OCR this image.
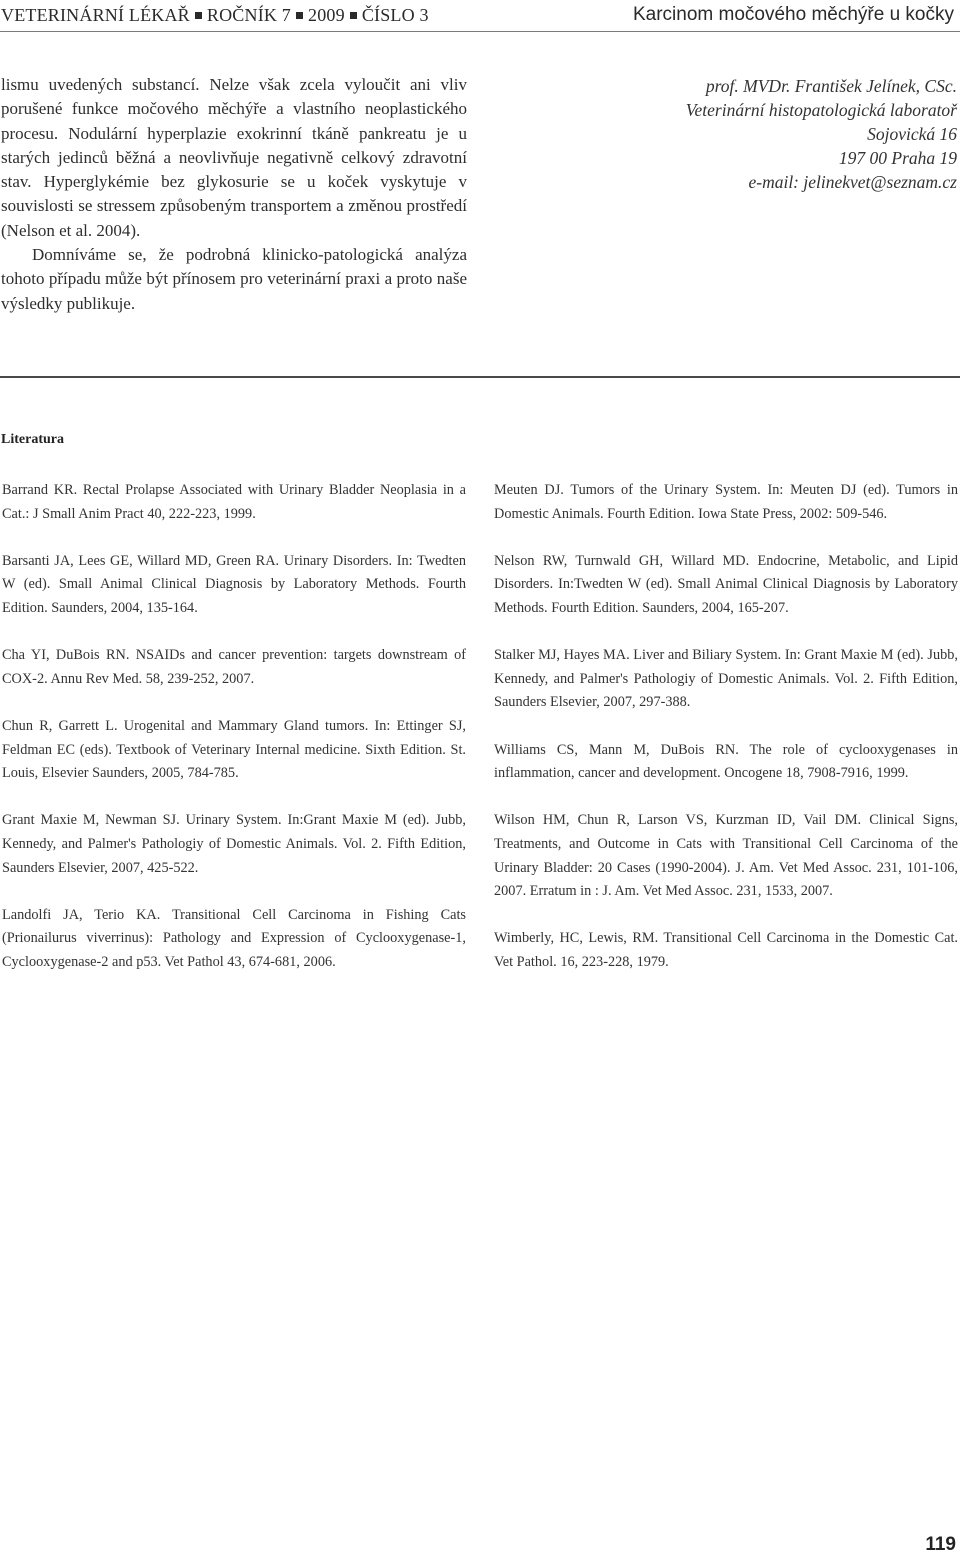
VETERINÁRNÍ LÉKAŘ ROČNÍK 7 2009 ČÍSLO 3	Karcinom močového měchýře u kočky

lismu uvedených substancí. Nelze však zcela vyloučit ani vliv porušené funkce močového měchýře a vlastního neoplastického procesu. Nodulární hyperplazie exokrinní tkáně pankreatu je u starých jedinců běžná a neovlivňuje negativně celkový zdravotní stav. Hyperglykémie bez glykosurie se u koček vyskytuje v souvislosti se stressem způsobeným transportem a změnou prostředí (Nelson et al. 2004).

Domníváme se, že podrobná klinicko-patologická analýza tohoto případu může být přínosem pro veterinární praxi a proto naše výsledky publikuje.

prof. MVDr. František Jelínek, CSc.
Veterinární histopatologická laboratoř
Sojovická 16
197 00 Praha 19
e-mail: jelinekvet@seznam.cz
Literatura

Barrand KR. Rectal Prolapse Associated with Urinary Bladder Neoplasia in a Cat.: J Small Anim Pract 40, 222-223, 1999.

Barsanti JA, Lees GE, Willard MD, Green RA. Urinary Disorders. In: Twedten W (ed). Small Animal Clinical Diagnosis by Laboratory Methods. Fourth Edition. Saunders, 2004, 135-164.

Cha YI, DuBois RN. NSAIDs and cancer prevention: targets downstream of COX-2. Annu Rev Med. 58, 239-252, 2007.

Chun R, Garrett L. Urogenital and Mammary Gland tumors. In: Ettinger SJ, Feldman EC (eds). Textbook of Veterinary Internal medicine. Sixth Edition. St. Louis, Elsevier Saunders, 2005, 784-785.

Grant Maxie M, Newman SJ. Urinary System. In:Grant Maxie M (ed). Jubb, Kennedy, and Palmer's Pathologiy of Domestic Animals. Vol. 2. Fifth Edition, Saunders Elsevier, 2007, 425-522.

Landolfi JA, Terio KA. Transitional Cell Carcinoma in Fishing Cats (Prionailurus viverrinus): Pathology and Expression of Cyclooxygenase-1, Cyclooxygenase-2 and p53. Vet Pathol 43, 674-681, 2006.

Meuten DJ. Tumors of the Urinary System. In: Meuten DJ (ed). Tumors in Domestic Animals. Fourth Edition. Iowa State Press, 2002: 509-546.

Nelson RW, Turnwald GH, Willard MD. Endocrine, Metabolic, and Lipid Disorders. In:Twedten W (ed). Small Animal Clinical Diagnosis by Laboratory Methods. Fourth Edition. Saunders, 2004, 165-207.

Stalker MJ, Hayes MA. Liver and Biliary System. In: Grant Maxie M (ed). Jubb, Kennedy, and Palmer's Pathologiy of Domestic Animals. Vol. 2. Fifth Edition, Saunders Elsevier, 2007, 297-388.

Williams CS, Mann M, DuBois RN. The role of cyclooxygenases in inflammation, cancer and development. Oncogene 18, 7908-7916, 1999.

Wilson HM, Chun R, Larson VS, Kurzman ID, Vail DM. Clinical Signs, Treatments, and Outcome in Cats with Transitional Cell Carcinoma of the Urinary Bladder: 20 Cases (1990-2004). J. Am. Vet Med Assoc. 231, 101-106, 2007. Erratum in : J. Am. Vet Med Assoc. 231, 1533, 2007.

Wimberly, HC, Lewis, RM. Transitional Cell Carcinoma in the Domestic Cat. Vet Pathol. 16, 223-228, 1979.

119
